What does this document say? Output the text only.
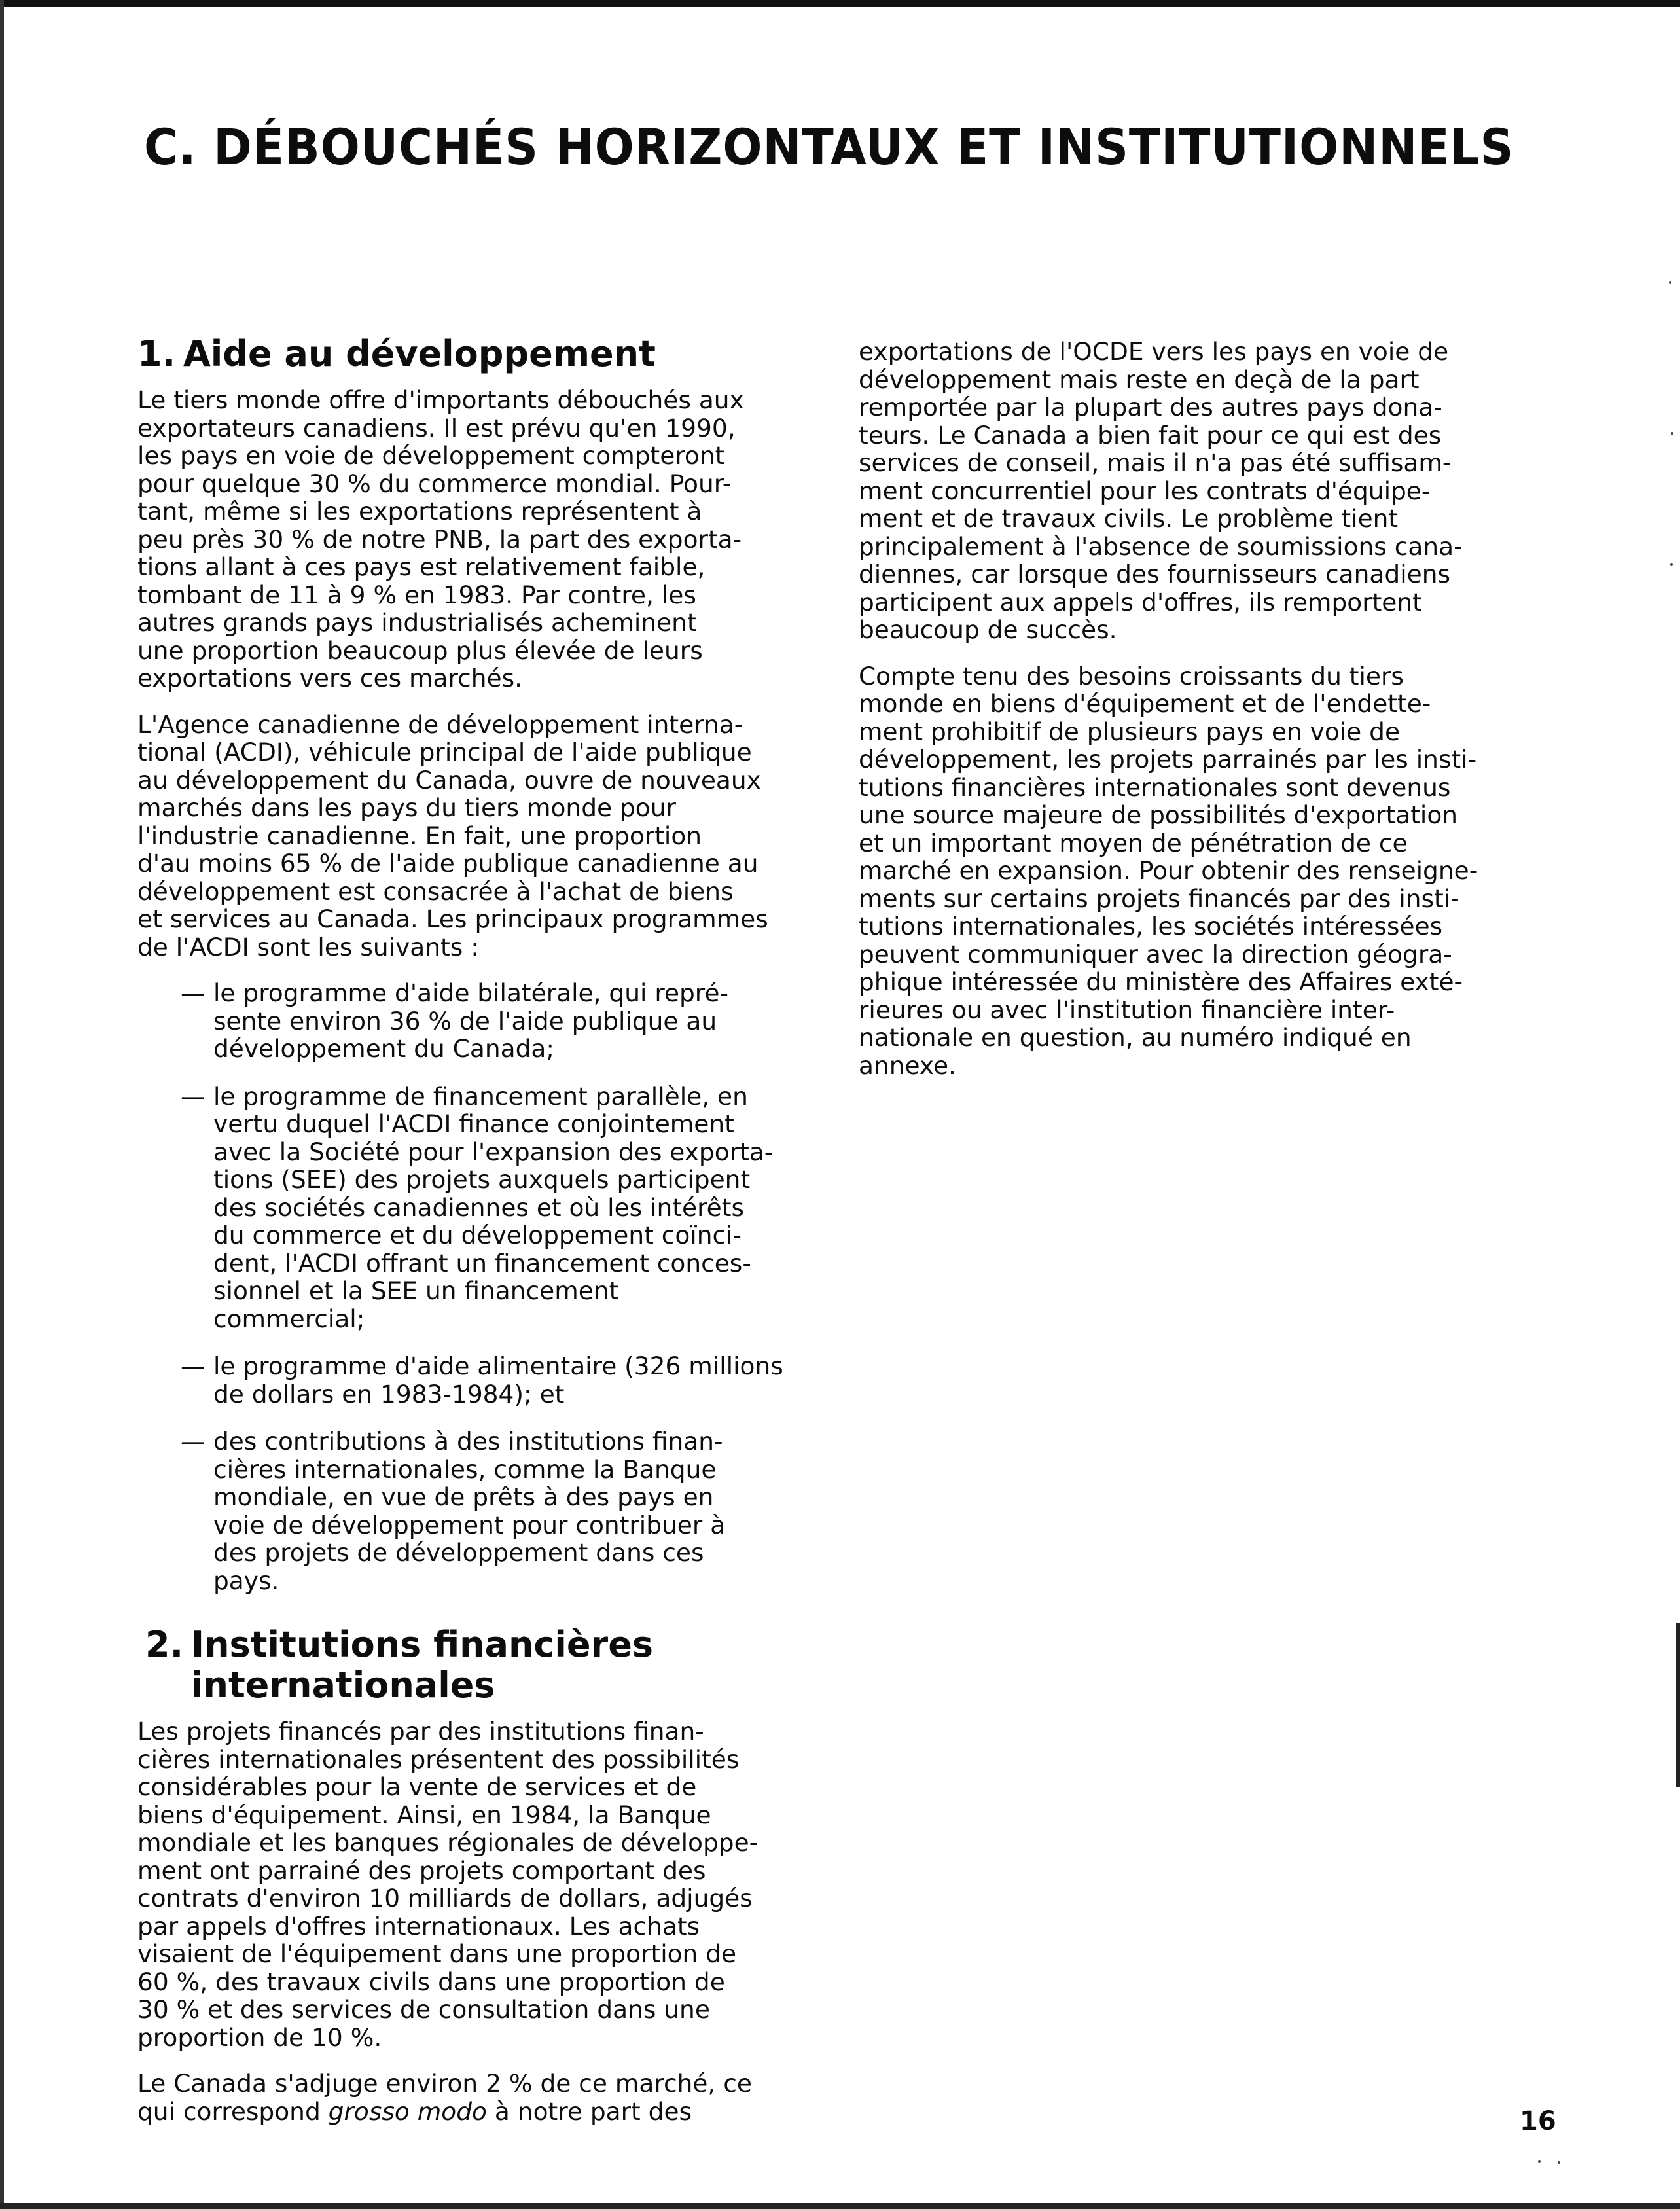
C. DÉBOUCHÉS HORIZONTAUX ET INSTITUTIONNELS
1. Aide au développement
Le tiers monde offre d'importants débouchés aux
exportateurs canadiens. Il est prévu qu'en 1990,
les pays en voie de développement compteront
pour quelque 30 % du commerce mondial. Pour-
tant, même si les exportations représentent à
peu près 30 % de notre PNB, la part des exporta-
tions allant à ces pays est relativement faible,
tombant de 11 à 9 % en 1983. Par contre, les
autres grands pays industrialisés acheminent
une proportion beaucoup plus élevée de leurs
exportations vers ces marchés.
L'Agence canadienne de développement interna-
tional (ACDI), véhicule principal de l'aide publique
au développement du Canada, ouvre de nouveaux
marchés dans les pays du tiers monde pour
l'industrie canadienne. En fait, une proportion
d'au moins 65 % de l'aide publique canadienne au
développement est consacrée à l'achat de biens
et services au Canada. Les principaux programmes
de l'ACDI sont les suivants :
— le programme d'aide bilatérale, qui repré-
sente environ 36 % de l'aide publique au
développement du Canada;
— le programme de financement parallèle, en
vertu duquel l'ACDI finance conjointement
avec la Société pour l'expansion des exporta-
tions (SEE) des projets auxquels participent
des sociétés canadiennes et où les intérêts
du commerce et du développement coïnci-
dent, l'ACDI offrant un financement conces-
sionnel et la SEE un financement
commercial;
— le programme d'aide alimentaire (326 millions
de dollars en 1983-1984); et
— des contributions à des institutions finan-
cières internationales, comme la Banque
mondiale, en vue de prêts à des pays en
voie de développement pour contribuer à
des projets de développement dans ces
pays.
2. Institutions financières
internationales
Les projets financés par des institutions finan-
cières internationales présentent des possibilités
considérables pour la vente de services et de
biens d'équipement. Ainsi, en 1984, la Banque
mondiale et les banques régionales de développe-
ment ont parrainé des projets comportant des
contrats d'environ 10 milliards de dollars, adjugés
par appels d'offres internationaux. Les achats
visaient de l'équipement dans une proportion de
60 %, des travaux civils dans une proportion de
30 % et des services de consultation dans une
proportion de 10 %.
Le Canada s'adjuge environ 2 % de ce marché, ce
qui correspond grosso modo à notre part des
exportations de l'OCDE vers les pays en voie de
développement mais reste en deçà de la part
remportée par la plupart des autres pays dona-
teurs. Le Canada a bien fait pour ce qui est des
services de conseil, mais il n'a pas été suffisam-
ment concurrentiel pour les contrats d'équipe-
ment et de travaux civils. Le problème tient
principalement à l'absence de soumissions cana-
diennes, car lorsque des fournisseurs canadiens
participent aux appels d'offres, ils remportent
beaucoup de succès.
Compte tenu des besoins croissants du tiers
monde en biens d'équipement et de l'endette-
ment prohibitif de plusieurs pays en voie de
développement, les projets parrainés par les insti-
tutions financières internationales sont devenus
une source majeure de possibilités d'exportation
et un important moyen de pénétration de ce
marché en expansion. Pour obtenir des renseigne-
ments sur certains projets financés par des insti-
tutions internationales, les sociétés intéressées
peuvent communiquer avec la direction géogra-
phique intéressée du ministère des Affaires exté-
rieures ou avec l'institution financière inter-
nationale en question, au numéro indiqué en
annexe.

16
